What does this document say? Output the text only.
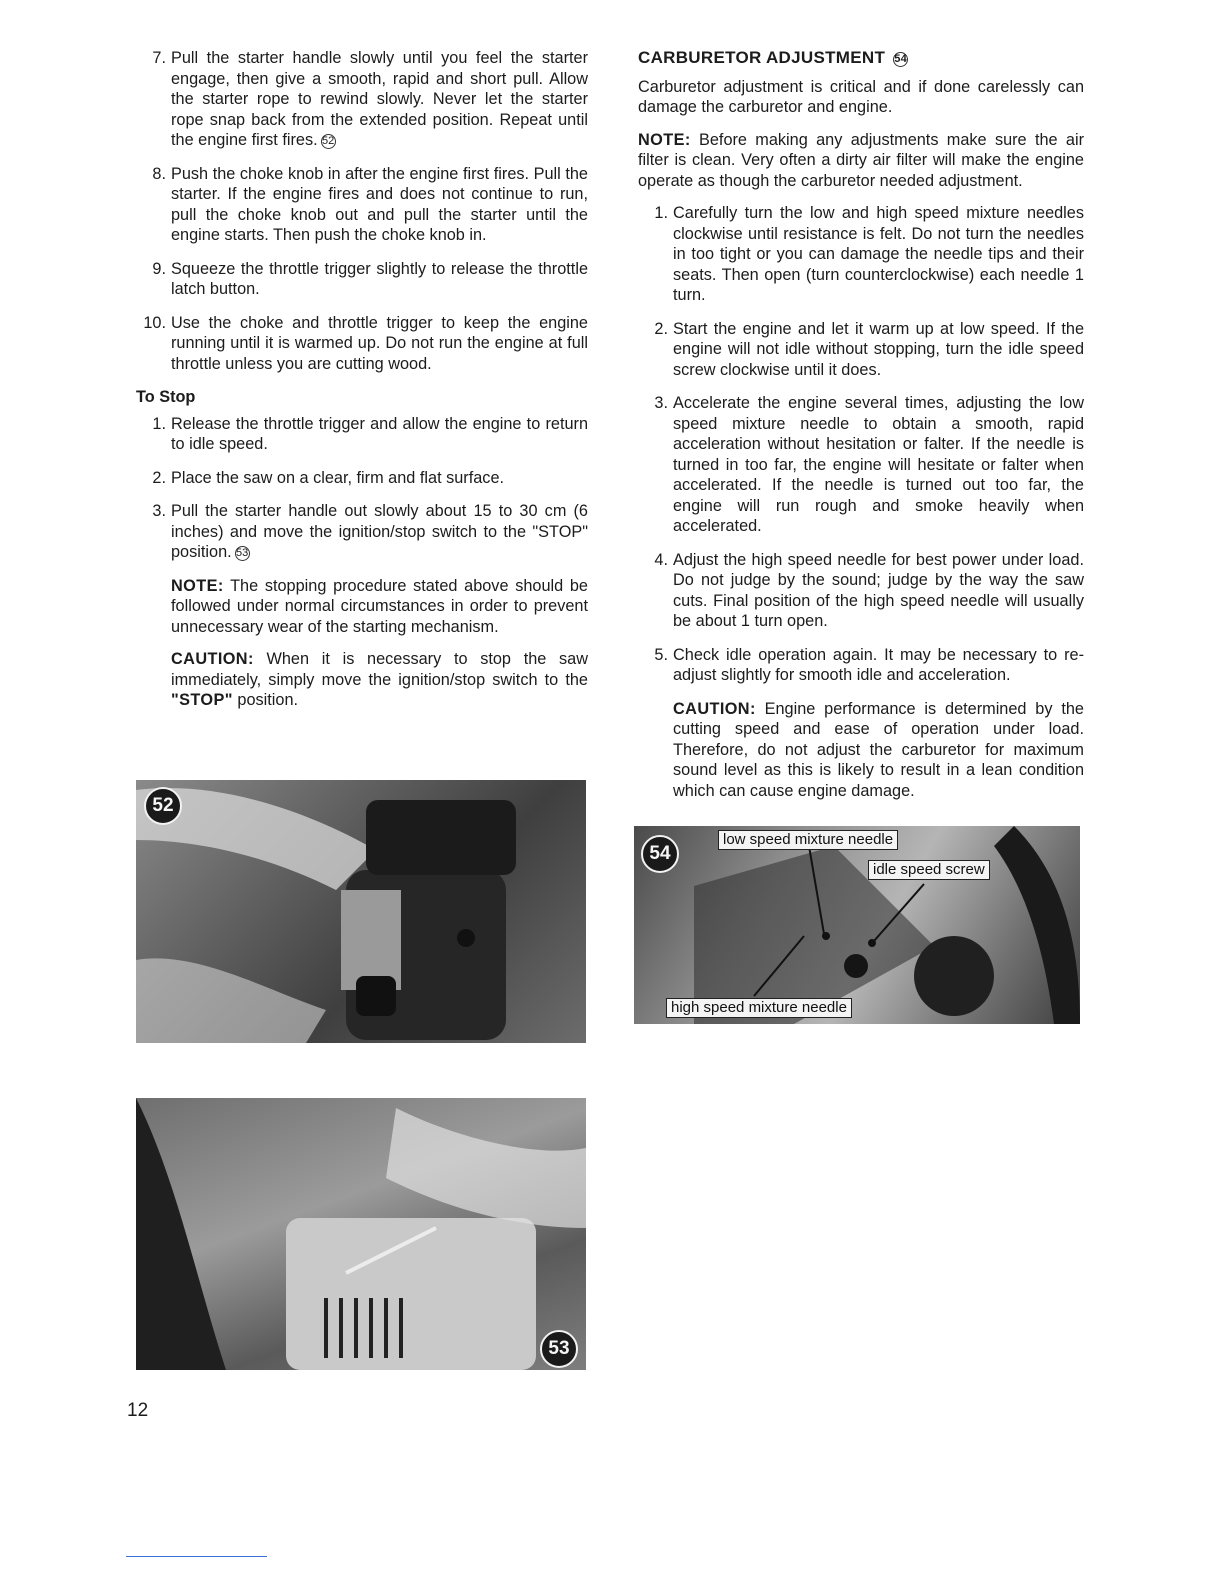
7. Pull the starter handle slowly until you feel the starter engage, then give a smooth, rapid and short pull. Allow the starter rope to rewind slowly. Never let the starter rope snap back from the extended position. Repeat until the engine first fires. 52
8. Push the choke knob in after the engine first fires. Pull the starter. If the engine fires and does not continue to run, pull the choke knob out and pull the starter until the engine starts. Then push the choke knob in.
9. Squeeze the throttle trigger slightly to release the throttle latch button.
10. Use the choke and throttle trigger to keep the engine running until it is warmed up. Do not run the engine at full throttle unless you are cutting wood.
To Stop
1. Release the throttle trigger and allow the engine to return to idle speed.
2. Place the saw on a clear, firm and flat surface.
3. Pull the starter handle out slowly about 15 to 30 cm (6 inches) and move the ignition/stop switch to the "STOP" position. 53
NOTE: The stopping procedure stated above should be followed under normal circumstances in order to prevent unnecessary wear of the starting mechanism.
CAUTION: When it is necessary to stop the saw immediately, simply move the ignition/stop switch to the "STOP" position.
CARBURETOR ADJUSTMENT 54
Carburetor adjustment is critical and if done carelessly can damage the carburetor and engine.
NOTE: Before making any adjustments make sure the air filter is clean. Very often a dirty air filter will make the engine operate as though the carburetor needed adjustment.
1. Carefully turn the low and high speed mixture needles clockwise until resistance is felt. Do not turn the needles in too tight or you can damage the needle tips and their seats. Then open (turn counterclockwise) each needle 1 turn.
2. Start the engine and let it warm up at low speed. If the engine will not idle without stopping, turn the idle speed screw clockwise until it does.
3. Accelerate the engine several times, adjusting the low speed mixture needle to obtain a smooth, rapid acceleration without hesitation or falter. If the needle is turned in too far, the engine will hesitate or falter when accelerated. If the needle is turned out too far, the engine will run rough and smoke heavily when accelerated.
4. Adjust the high speed needle for best power under load. Do not judge by the sound; judge by the way the saw cuts. Final position of the high speed needle will usually be about 1 turn open.
5. Check idle operation again. It may be necessary to re-adjust slightly for smooth idle and acceleration.
CAUTION: Engine performance is determined by the cutting speed and ease of operation under load. Therefore, do not adjust the carburetor for maximum sound level as this is likely to result in a lean condition which can cause engine damage.
52
53
54
low speed mixture needle
idle speed screw
high speed mixture needle
12
